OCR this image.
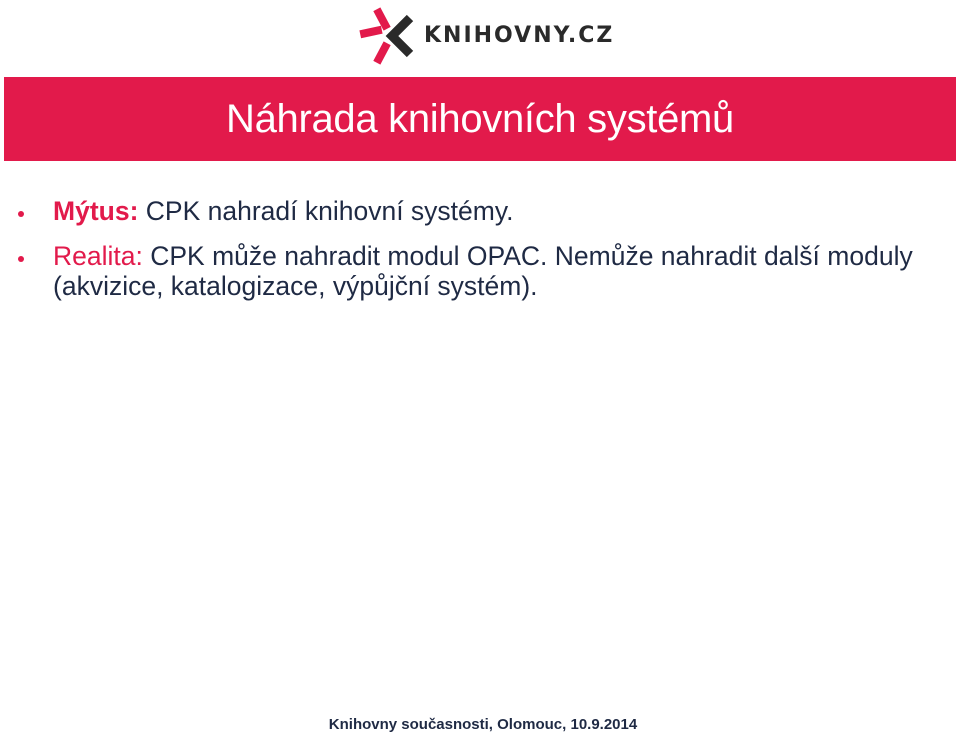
KNIHOVNY.CZ
Náhrada knihovních systémů
Mýtus: CPK nahradí knihovní systémy.
Realita: CPK může nahradit modul OPAC. Nemůže nahradit další moduly (akvizice, katalogizace, výpůjční systém).
Knihovny současnosti, Olomouc, 10.9.2014
